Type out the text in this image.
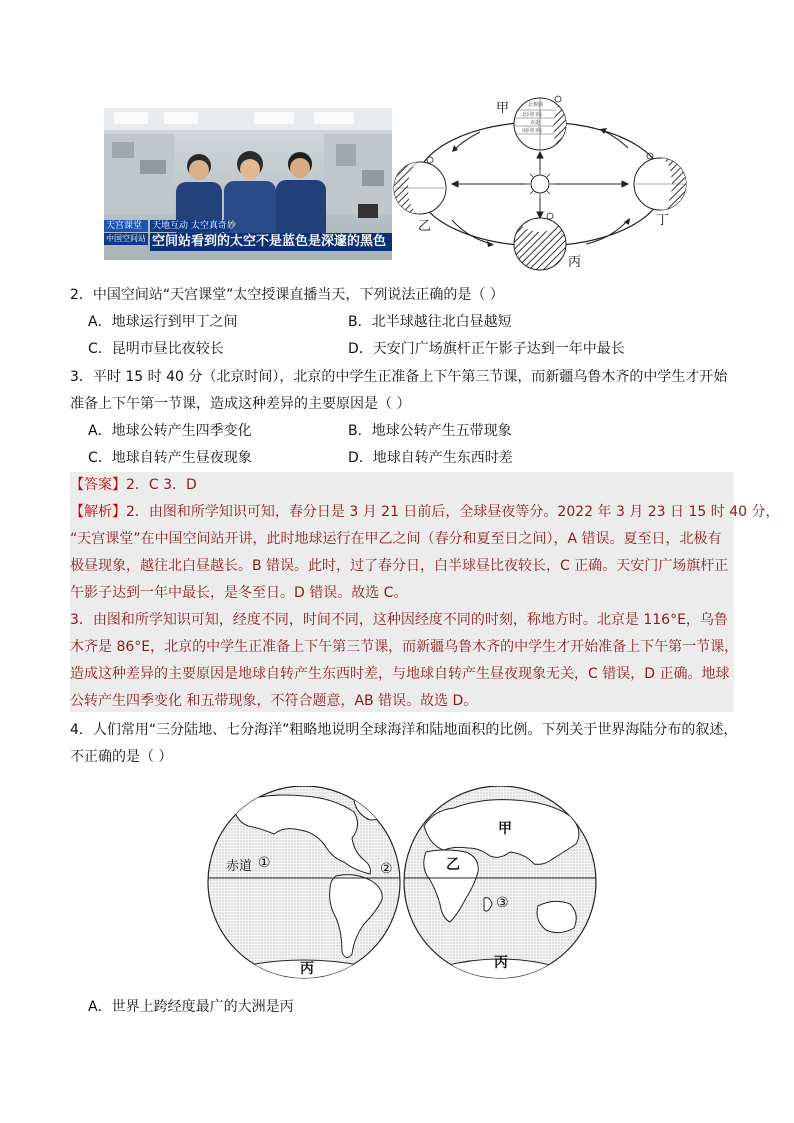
天宫课堂 天地互动 太空真奇妙
中国空间站 空间站看到的太空不是蓝色是深邃的黑色
甲
乙
丙
丁
北极圈
北回归线
赤道
南回归线
2．中国空间站“天宫课堂”太空授课直播当天，下列说法正确的是（ ）
A．地球运行到甲丁之间	B．北半球越往北白昼越短
C．昆明市昼比夜较长	D．天安门广场旗杆正午影子达到一年中最长
3．平时 15 时 40 分（北京时间），北京的中学生正准备上下午第三节课，而新疆乌鲁木齐的中学生才开始
准备上下午第一节课，造成这种差异的主要原因是（ ）
A．地球公转产生四季变化	B．地球公转产生五带现象
C．地球自转产生昼夜现象	D．地球自转产生东西时差
【答案】2．C 3．D
【解析】2．由图和所学知识可知，春分日是 3 月 21 日前后，全球昼夜等分。2022 年 3 月 23 日 15 时 40 分，
“天宫课堂”在中国空间站开讲，此时地球运行在甲乙之间（春分和夏至日之间），A 错误。夏至日，北极有
极昼现象，越往北白昼越长。B 错误。此时，过了春分日，白半球昼比夜较长，C 正确。天安门广场旗杆正
午影子达到一年中最长，是冬至日。D 错误。故选 C。
3．由图和所学知识可知，经度不同，时间不同，这种因经度不同的时刻，称地方时。北京是 116°E，乌鲁
木齐是 86°E，北京的中学生正准备上下午第三节课，而新疆乌鲁木齐的中学生才开始准备上下午第一节课，
造成这种差异的主要原因是地球自转产生东西时差，与地球自转产生昼夜现象无关，C 错误，D 正确。地球
公转产生四季变化 和五带现象，不符合题意，AB 错误。故选 D。
4．人们常用“三分陆地、七分海洋”粗略地说明全球海洋和陆地面积的比例。下列关于世界海陆分布的叙述，
不正确的是（ ）
赤道 ①	②
③
甲
乙
丙	丙
A．世界上跨经度最广的大洲是丙
